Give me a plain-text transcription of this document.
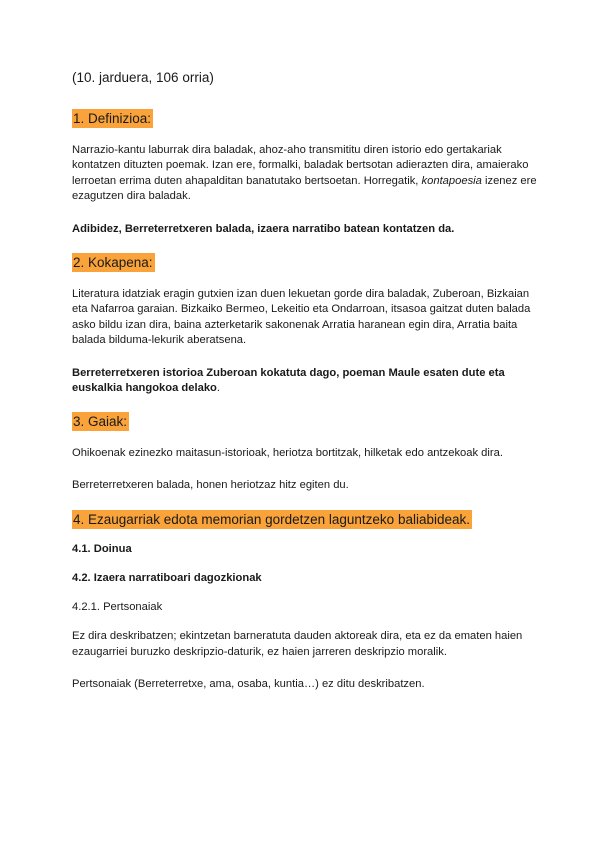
(10. jarduera, 106 orria)

1. Definizioa:

Narrazio-kantu laburrak dira baladak, ahoz-aho transmititu diren istorio edo gertakariak kontatzen dituzten poemak. Izan ere, formalki, baladak bertsotan adierazten dira, amaierako lerroetan errima duten ahapalditan banatutako bertsoetan. Horregatik, kontapoesia izenez ere ezagutzen dira baladak.

Adibidez, Berreterretxeren balada, izaera narratibo batean kontatzen da.

2. Kokapena:

Literatura idatziak eragin gutxien izan duen lekuetan gorde dira baladak, Zuberoan, Bizkaian eta Nafarroa garaian. Bizkaiko Bermeo, Lekeitio eta Ondarroan, itsasoa gaitzat duten balada asko bildu izan dira, baina azterketarik sakonenak Arratia haranean egin dira, Arratia baita balada bilduma-lekurik aberatsena.

Berreterretxeren istorioa Zuberoan kokatuta dago, poeman Maule esaten dute eta euskalkia hangokoa delako.

3. Gaiak:

Ohikoenak ezinezko maitasun-istorioak, heriotza bortitzak, hilketak edo antzekoak dira.

Berreterretxeren balada, honen heriotzaz hitz egiten du.

4. Ezaugarriak edota memorian gordetzen laguntzeko baliabideak.

4.1. Doinua

4.2. Izaera narratiboari dagozkionak

4.2.1. Pertsonaiak

Ez dira deskribatzen; ekintzetan barneratuta dauden aktoreak dira, eta ez da ematen haien ezaugarriei buruzko deskripzio-daturik, ez haien jarreren deskripzio moralik.

Pertsonaiak (Berreterretxe, ama, osaba, kuntia…) ez ditu deskribatzen.
